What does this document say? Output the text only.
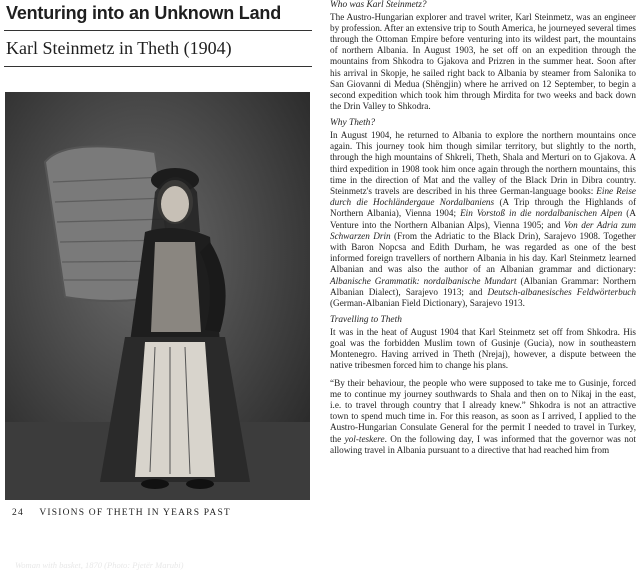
Venturing into an Unknown Land
Karl Steinmetz in Theth (1904)
Woman with basket, 1870 (Photo: Pjetër Marubi)
24 VISIONS OF THETH IN YEARS PAST
Who was Karl Steinmetz?

The Austro-Hungarian explorer and travel writer, Karl Steinmetz, was an engineer by profession. After an extensive trip to South America, he journeyed several times through the Ottoman Empire before venturing into its wildest part, the mountains of northern Albania. In August 1903, he set off on an expedition through the mountains from Shkodra to Gjakova and Prizren in the summer heat. Soon after his arrival in Skopje, he sailed right back to Albania by steamer from Salonika to San Giovanni di Medua (Shëngjin) where he arrived on 12 September, to begin a second expedition which took him through Mirdita for two weeks and back down the Drin Valley to Shkodra.

Why Theth?

In August 1904, he returned to Albania to explore the northern mountains once again. This journey took him though similar territory, but slightly to the north, through the high mountains of Shkreli, Theth, Shala and Merturi on to Gjakova. A third expedition in 1908 took him once again through the northern mountains, this time in the direction of Mat and the valley of the Black Drin in Dibra country. Steinmetz's travels are described in his three German-language books: Eine Reise durch die Hochländergaue Nordalbaniens (A Trip through the Highlands of Northern Albania), Vienna 1904; Ein Vorstoß in die nordalbanischen Alpen (A Venture into the Northern Albanian Alps), Vienna 1905; and Von der Adria zum Schwarzen Drin (From the Adriatic to the Black Drin), Sarajevo 1908. Together with Baron Nopcsa and Edith Durham, he was regarded as one of the best informed foreign travellers of northern Albania in his day. Karl Steinmetz learned Albanian and was also the author of an Albanian grammar and dictionary: Albanische Grammatik: nordalbanische Mundart (Albanian Grammar: Northern Albanian Dialect), Sarajevo 1913; and Deutsch-albanesisches Feldwörterbuch (German-Albanian Field Dictionary), Sarajevo 1913.

Travelling to Theth

It was in the heat of August 1904 that Karl Steinmetz set off from Shkodra. His goal was the forbidden Muslim town of Gusinje (Gucia), now in southeastern Montenegro. Having arrived in Theth (Nrejaj), however, a dispute between the native tribesmen forced him to change his plans.

“By their behaviour, the people who were supposed to take me to Gusinje, forced me to continue my journey southwards to Shala and then on to Nikaj in the east, i.e. to travel through country that I already knew.” Shkodra is not an attractive town to spend much time in. For this reason, as soon as I arrived, I applied to the Austro-Hungarian Consulate General for the permit I needed to travel in Turkey, the yol-teskere. On the following day, I was informed that the governor was not allowing travel in Albania pursuant to a directive that had reached him from
